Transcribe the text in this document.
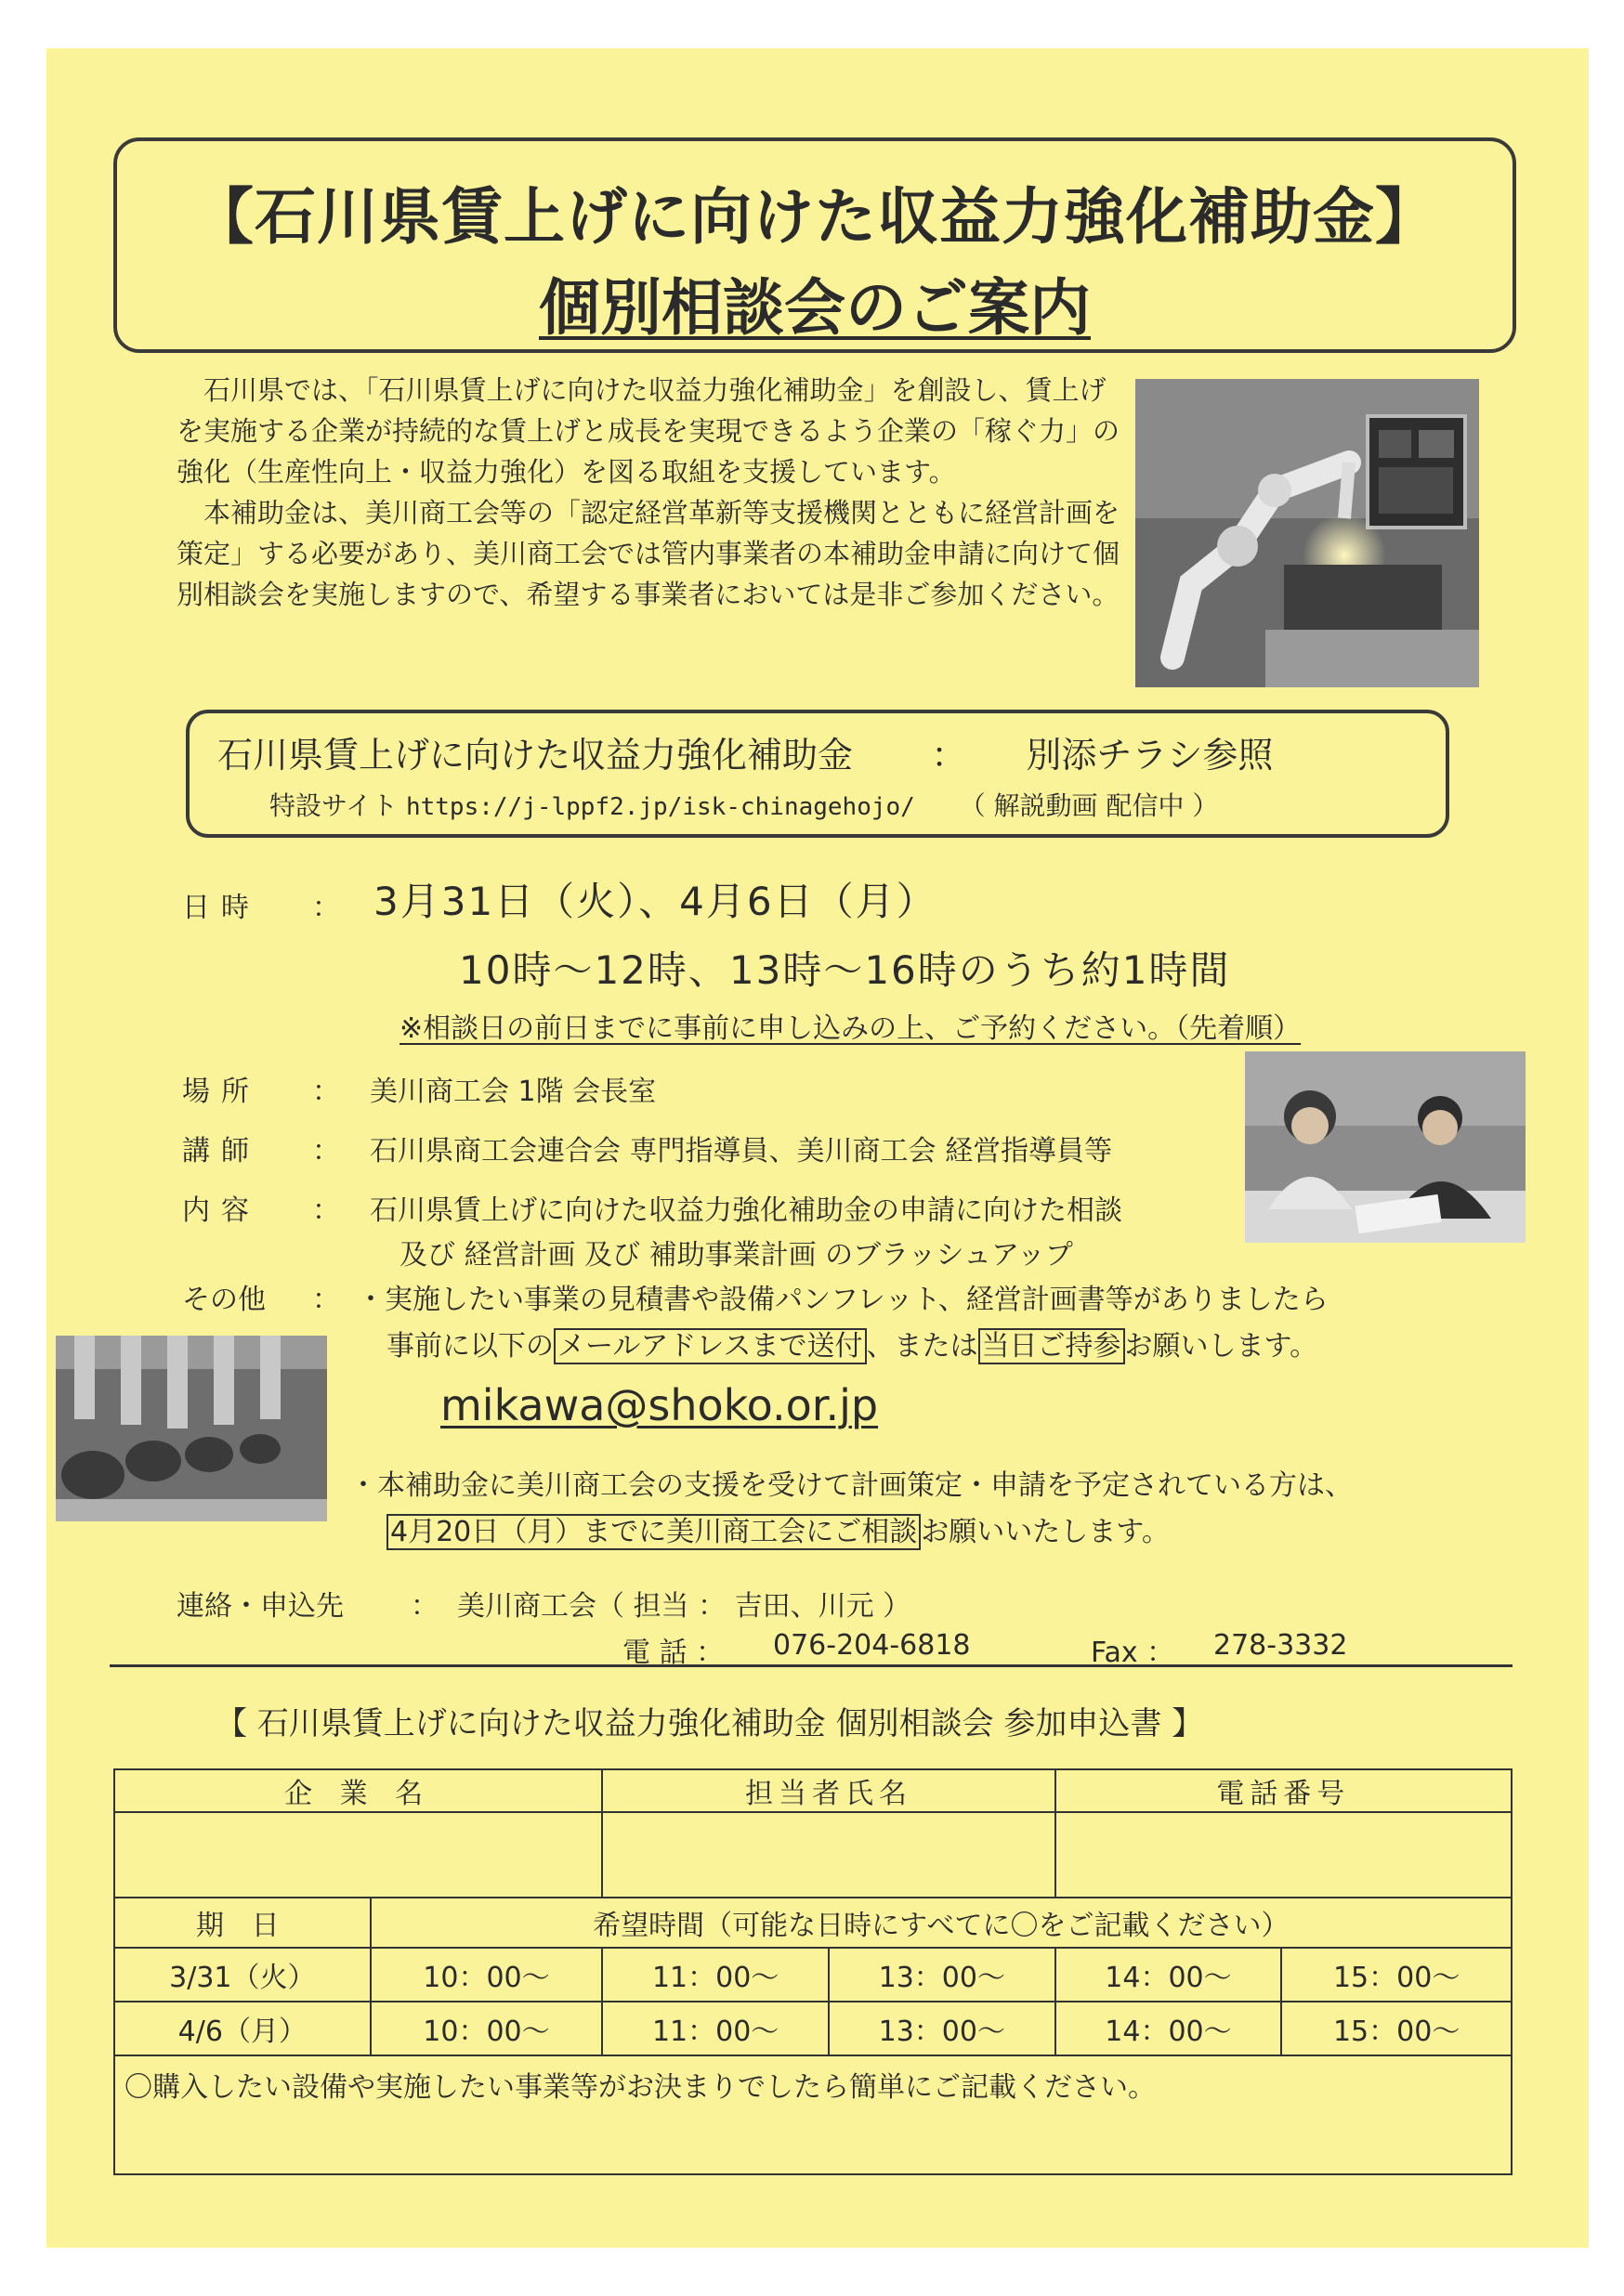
【石川県賃上げに向けた収益力強化補助金】
個別相談会のご案内

石川県では、「石川県賃上げに向けた収益力強化補助金」を創設し、賃上げを実施する企業が持続的な賃上げと成長を実現できるよう企業の「稼ぐ力」の強化（生産性向上・収益力強化）を図る取組を支援しています。

本補助金は、美川商工会等の「認定経営革新等支援機関とともに経営計画を策定」する必要があり、美川商工会では管内事業者の本補助金申請に向けて個別相談会を実施しますので、希望する事業者においては是非ご参加ください。

石川県賃上げに向けた収益力強化補助金 ： 別添チラシ参照
特設サイト https://j-lppf2.jp/isk-chinagehojo/ （ 解説動画 配信中 ）
日時 ： 3月31日（火）、4月6日（月）
10時～12時、13時～16時のうち約1時間
※相談日の前日までに事前に申し込みの上、ご予約ください。（先着順）
場所 ： 美川商工会 1階 会長室
講師 ： 石川県商工会連合会 専門指導員、美川商工会 経営指導員等
内容 ： 石川県賃上げに向けた収益力強化補助金の申請に向けた相談
及び 経営計画 及び 補助事業計画 のブラッシュアップ
その他 ： ・実施したい事業の見積書や設備パンフレット、経営計画書等がありましたら
事前に以下の メールアドレスまで送付 、または 当日ご持参 お願いします。
mikawa@shoko.or.jp
・本補助金に美川商工会の支援を受けて計画策定・申請を予定されている方は、
4月20日（月）までに美川商工会にご相談 お願いいたします。
連絡・申込先 ： 美川商工会（ 担当 ： 吉田、川元 ）
電 話 ： 076-204-6818	Fax ： 278-3332
【 石川県賃上げに向けた収益力強化補助金 個別相談会 参加申込書 】
企 業 名		担当者氏名		電話番号	

期 日	希望時間（可能な日時にすべてに〇をご記載ください）				
3/31（火）	10：00～	11：00～	13：00～	14：00～	15：00～
4/6（月）	10：00～	11：00～	13：00～	14：00～	15：00～
〇購入したい設備や実施したい事業等がお決まりでしたら簡単にご記載ください。					
